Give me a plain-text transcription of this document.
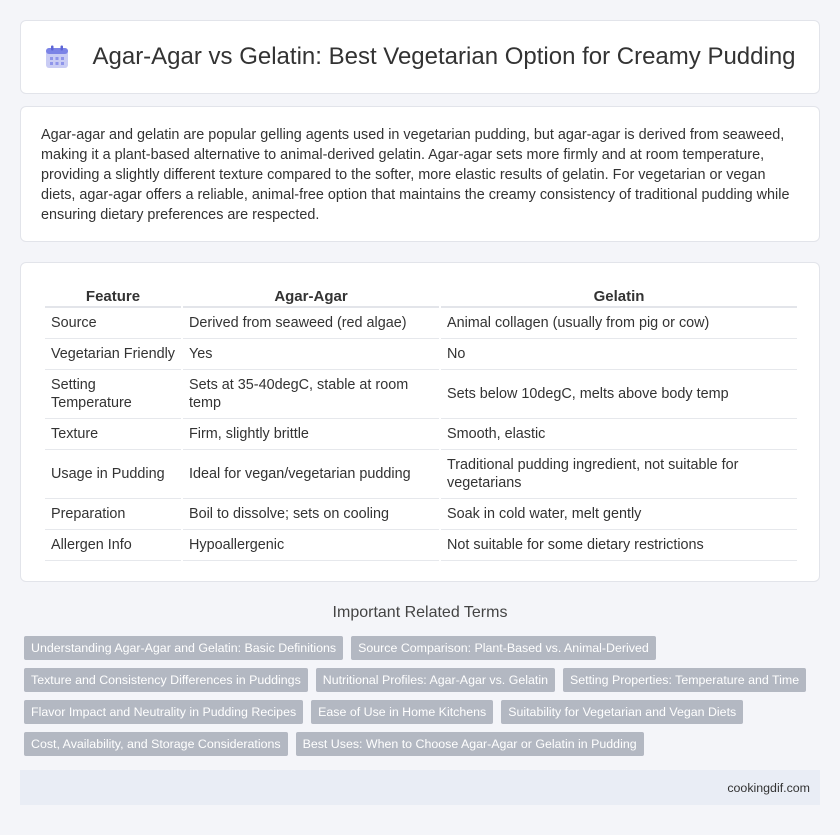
Agar-Agar vs Gelatin: Best Vegetarian Option for Creamy Pudding

Agar-agar and gelatin are popular gelling agents used in vegetarian pudding, but agar-agar is derived from seaweed, making it a plant-based alternative to animal-derived gelatin. Agar-agar sets more firmly and at room temperature, providing a slightly different texture compared to the softer, more elastic results of gelatin. For vegetarian or vegan diets, agar-agar offers a reliable, animal-free option that maintains the creamy consistency of traditional pudding while ensuring dietary preferences are respected.

Feature	Agar-Agar	Gelatin
Source	Derived from seaweed (red algae)	Animal collagen (usually from pig or cow)
Vegetarian Friendly	Yes	No
Setting Temperature	Sets at 35-40degC, stable at room temp	Sets below 10degC, melts above body temp
Texture	Firm, slightly brittle	Smooth, elastic
Usage in Pudding	Ideal for vegan/vegetarian pudding	Traditional pudding ingredient, not suitable for vegetarians
Preparation	Boil to dissolve; sets on cooling	Soak in cold water, melt gently
Allergen Info	Hypoallergenic	Not suitable for some dietary restrictions
Important Related Terms
Understanding Agar-Agar and Gelatin: Basic Definitions	Source Comparison: Plant-Based vs. Animal-Derived
Texture and Consistency Differences in Puddings	Nutritional Profiles: Agar-Agar vs. Gelatin	Setting Properties: Temperature and Time
Flavor Impact and Neutrality in Pudding Recipes	Ease of Use in Home Kitchens	Suitability for Vegetarian and Vegan Diets
Cost, Availability, and Storage Considerations	Best Uses: When to Choose Agar-Agar or Gelatin in Pudding
cookingdif.com
